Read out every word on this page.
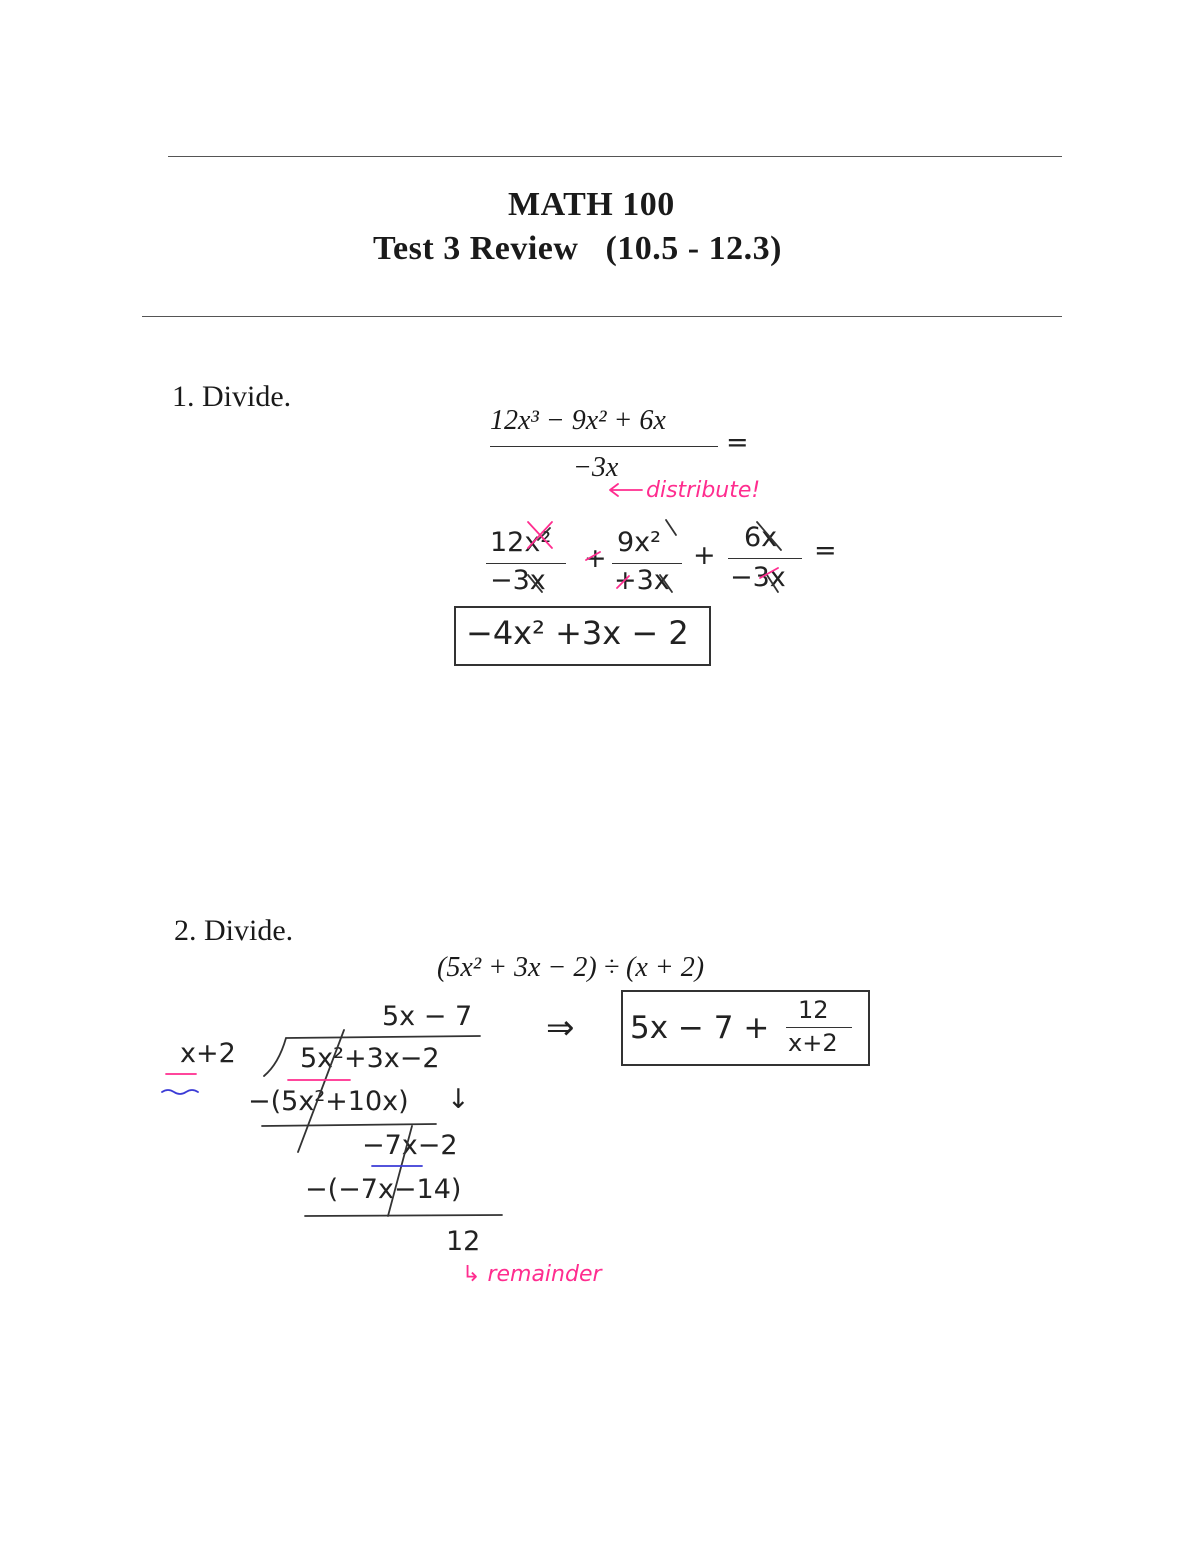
MATH 100
Test 3 Review (10.5 - 12.3)
1. Divide.
12x³ − 9x² + 6x
−3x
=
distribute!
12x²
−3x
+
9x²
+3x
+
6x
−3x
=
−4x² +3x − 2
2. Divide.
(5x² + 3x − 2) ÷ (x + 2)
5x − 7
x+2 5x²+3x−2
−(5x²+10x) ↓
−7x−2
−(−7x−14)
12
↳ remainder
⇒ 5x − 7 + 12
x+2
